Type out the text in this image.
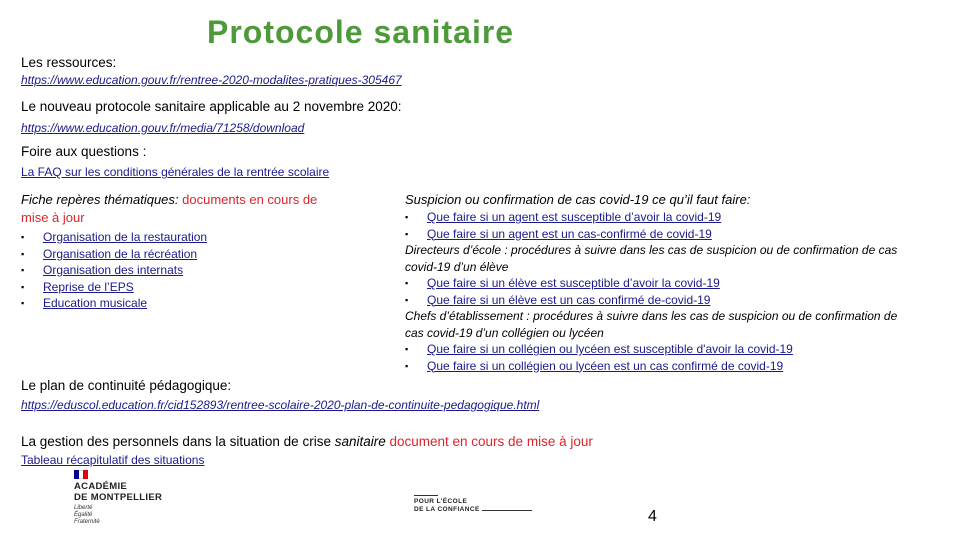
Les ressources:
Protocole sanitaire
https://www.education.gouv.fr/rentree-2020-modalites-pratiques-305467
Le nouveau protocole sanitaire applicable au 2 novembre 2020:
https://www.education.gouv.fr/media/71258/download
Foire aux questions :
La FAQ sur les conditions générales de la rentrée scolaire
Fiche repères thématiques: documents en cours de mise à jour
▪ Organisation de la restauration
▪ Organisation de la récréation
▪ Organisation des internats
▪ Reprise de l’EPS
▪ Education musicale
Suspicion ou confirmation de cas covid-19 ce qu’il faut faire:
▪ Que faire si un agent est susceptible d’avoir la covid-19
▪ Que faire si un agent est un cas-confirmé de covid-19
Directeurs d’école : procédures à suivre dans les cas de suspicion ou de confirmation de cas covid-19 d’un élève
▪ Que faire si un élève est susceptible d’avoir la covid-19
▪ Que faire si un élève est un cas confirmé de-covid-19
Chefs d’établissement : procédures à suivre dans les cas de suspicion ou de confirmation de cas covid-19 d’un collégien ou lycéen
▪ Que faire si un collégien ou lycéen est susceptible d'avoir la covid-19
▪ Que faire si un collégien ou lycéen est un cas confirmé de covid-19
Le plan de continuité pédagogique:
https://eduscol.education.fr/cid152893/rentree-scolaire-2020-plan-de-continuite-pedagogique.html
La gestion des personnels dans la situation de crise sanitaire document en cours de mise à jour
Tableau récapitulatif des situations
ACADÉMIE
DE MONTPELLIER
Liberté
Égalité
Fraternité
POUR L’ÉCOLE
DE LA CONFIANCE	4
